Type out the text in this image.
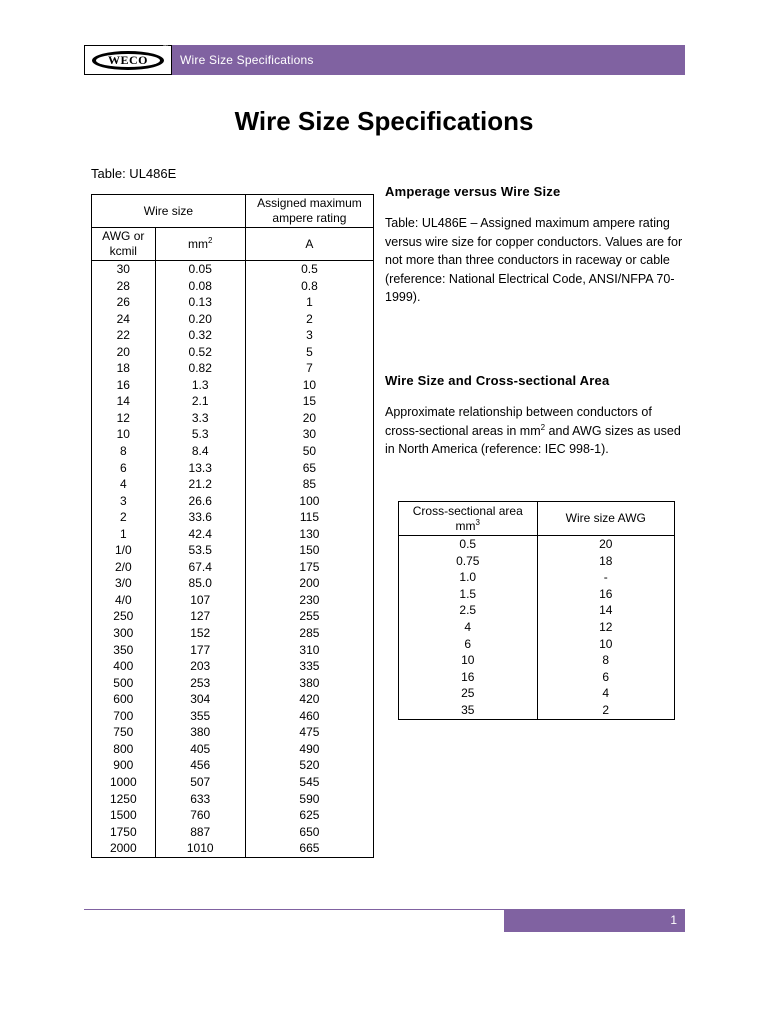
WECO
®
Wire Size Specifications
Wire Size Specifications
Table: UL486E
Wire size		Assigned maximum ampere rating
AWG or kcmil	$mm^2$	A
30	0.05	0.5
28	0.08	0.8
26	0.13	1
24	0.20	2
22	0.32	3
20	0.52	5
18	0.82	7
16	1.3	10
14	2.1	15
12	3.3	20
10	5.3	30
8	8.4	50
6	13.3	65
4	21.2	85
3	26.6	100
2	33.6	115
1	42.4	130
1/0	53.5	150
2/0	67.4	175
3/0	85.0	200
4/0	107	230
250	127	255
300	152	285
350	177	310
400	203	335
500	253	380
600	304	420
700	355	460
750	380	475
800	405	490
900	456	520
1000	507	545
1250	633	590
1500	760	625
1750	887	650
2000	1010	665
Amperage versus Wire Size
Table: UL486E – Assigned maximum ampere rating versus wire size for copper conductors. Values are for not more than three conductors in raceway or cable (reference: National Electrical Code, ANSI/NFPA 70-1999).
Wire Size and Cross-sectional Area
Approximate relationship between conductors of cross-sectional areas in $mm^2$ and AWG sizes as used in North America (reference: IEC 998-1).
Cross-sectional area $mm^3$	Wire size AWG
0.5	20
0.75	18
1.0	-
1.5	16
2.5	14
4	12
6	10
10	8
16	6
25	4
35	2
1
